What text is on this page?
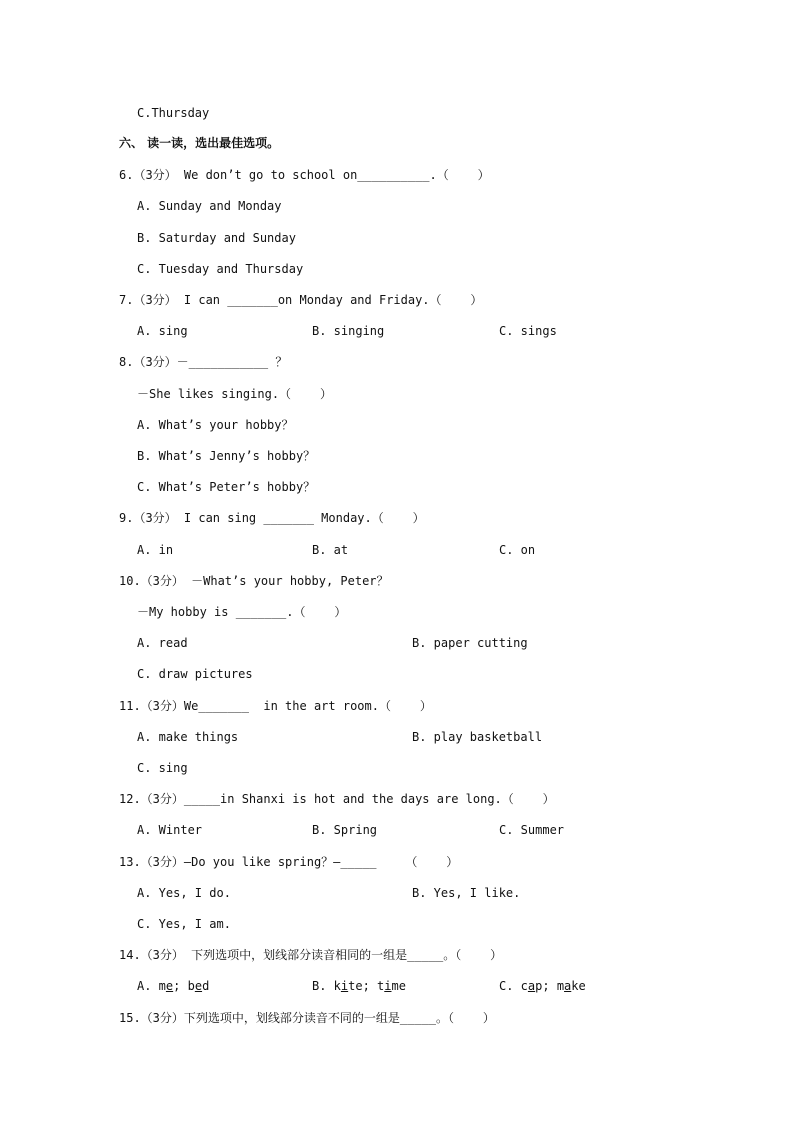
C.Thursday
六、 读一读，选出最佳选项。
6.（3分） We don’t go to school on__________.（    ）
A. Sunday and Monday
B. Saturday and Sunday
C. Tuesday and Thursday
7.（3分） I can _______on Monday and Friday.（    ）
A. sing	B. singing	C. sings
8.（3分）－___________ ？
－She likes singing.（    ）
A. What’s your hobby？
B. What’s Jenny’s hobby？
C. What’s Peter’s hobby？
9.（3分） I can sing _______ Monday.（    ）
A. in	B. at	C. on
10.（3分） －What’s your hobby, Peter？
－My hobby is _______.（    ）
A. read	B. paper cutting
C. draw pictures
11.（3分）We_______  in the art room.（    ）
A. make things	B. play basketball
C. sing
12.（3分）_____in Shanxi is hot and the days are long.（    ）
A. Winter	B. Spring	C. Summer
13.（3分）—Do you like spring？—_____    （    ）
A. Yes, I do.	B. Yes, I like.
C. Yes, I am.
14.（3分） 下列选项中，划线部分读音相同的一组是_____。（    ）
A. me; bed	B. kite; time	C. cap; make
15.（3分）下列选项中，划线部分读音不同的一组是_____。（    ）
